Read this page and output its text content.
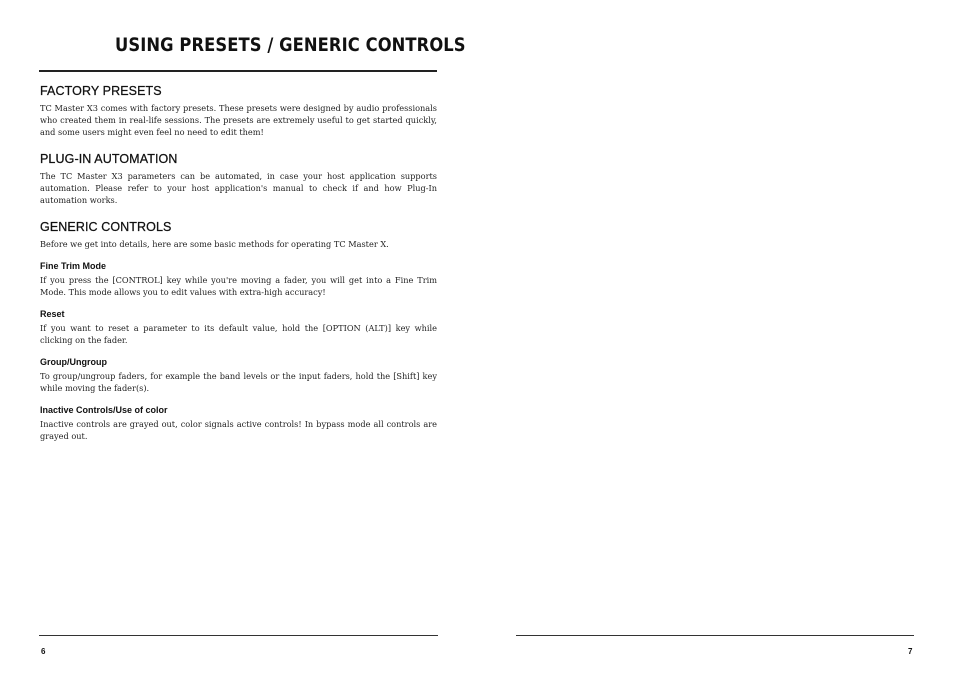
USING PRESETS / GENERIC CONTROLS
FACTORY PRESETS

TC Master X3 comes with factory presets. These presets were designed by audio professionals who created them in real-life sessions. The presets are extremely useful to get started quickly, and some users might even feel no need to edit them!

PLUG-IN AUTOMATION

The TC Master X3 parameters can be automated, in case your host application supports automation. Please refer to your host application's manual to check if and how Plug-In automation works.

GENERIC CONTROLS

Before we get into details, here are some basic methods for operating TC Master X.

Fine Trim Mode

If you press the [CONTROL] key while you're moving a fader, you will get into a Fine Trim Mode. This mode allows you to edit values with extra-high accuracy!

Reset

If you want to reset a parameter to its default value, hold the [OPTION (ALT)] key while clicking on the fader.

Group/Ungroup

To group/ungroup faders, for example the band levels or the input faders, hold the [Shift] key while moving the fader(s).

Inactive Controls/Use of color

Inactive controls are grayed out, color signals active controls! In bypass mode all controls are grayed out.

6	7
